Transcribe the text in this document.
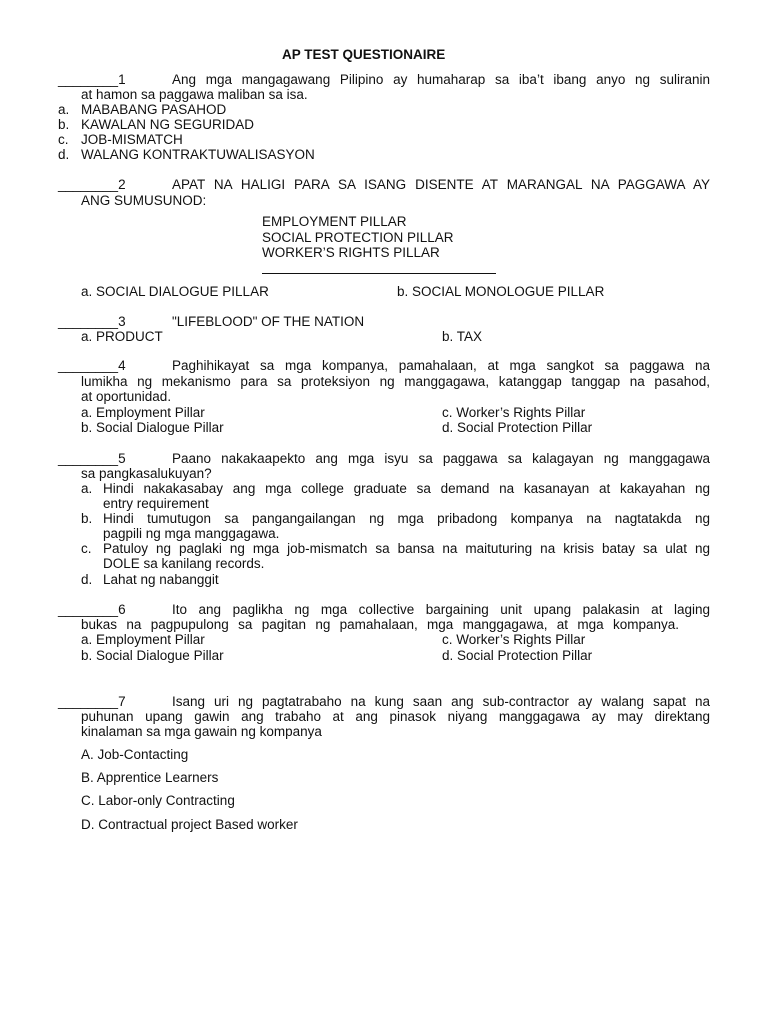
AP TEST QUESTIONAIRE
________1	Ang mga mangagawang Pilipino ay humaharap sa iba’t ibang anyo ng suliranin
at hamon sa paggawa maliban sa isa.
a. MABABANG PASAHOD
b. KAWALAN NG SEGURIDAD
c. JOB-MISMATCH
d. WALANG KONTRAKTUWALISASYON
________2	APAT NA HALIGI PARA SA ISANG DISENTE AT MARANGAL NA PAGGAWA AY
ANG SUMUSUNOD:
EMPLOYMENT PILLAR
SOCIAL PROTECTION PILLAR
WORKER’S RIGHTS PILLAR
a. SOCIAL DIALOGUE PILLAR	b. SOCIAL MONOLOGUE PILLAR
________3	"LIFEBLOOD" OF THE NATION
a. PRODUCT	b. TAX
________4	Paghihikayat sa mga kompanya, pamahalaan, at mga sangkot sa paggawa na
lumikha ng mekanismo para sa proteksiyon ng manggagawa, katanggap tanggap na pasahod,
at oportunidad.
a. Employment Pillar	c. Worker’s Rights Pillar
b. Social Dialogue Pillar	d. Social Protection Pillar
________5	Paano nakakaapekto ang mga isyu sa paggawa sa kalagayan ng manggagawa
sa pangkasalukuyan?
a. Hindi nakakasabay ang mga college graduate sa demand na kasanayan at kakayahan ng
entry requirement
b. Hindi tumutugon sa pangangailangan ng mga pribadong kompanya na nagtatakda ng
pagpili ng mga manggagawa.
c. Patuloy ng paglaki ng mga job-mismatch sa bansa na maituturing na krisis batay sa ulat ng
DOLE sa kanilang records.
d. Lahat ng nabanggit
________6	Ito ang paglikha ng mga collective bargaining unit upang palakasin at laging
bukas na pagpupulong sa pagitan ng pamahalaan, mga manggagawa, at mga kompanya.
a. Employment Pillar	c. Worker’s Rights Pillar
b. Social Dialogue Pillar	d. Social Protection Pillar
________7	Isang uri ng pagtatrabaho na kung saan ang sub-contractor ay walang sapat na
puhunan upang gawin ang trabaho at ang pinasok niyang manggagawa ay may direktang
kinalaman sa mga gawain ng kompanya
A. Job-Contacting
B. Apprentice Learners
C. Labor-only Contracting
D. Contractual project Based worker
